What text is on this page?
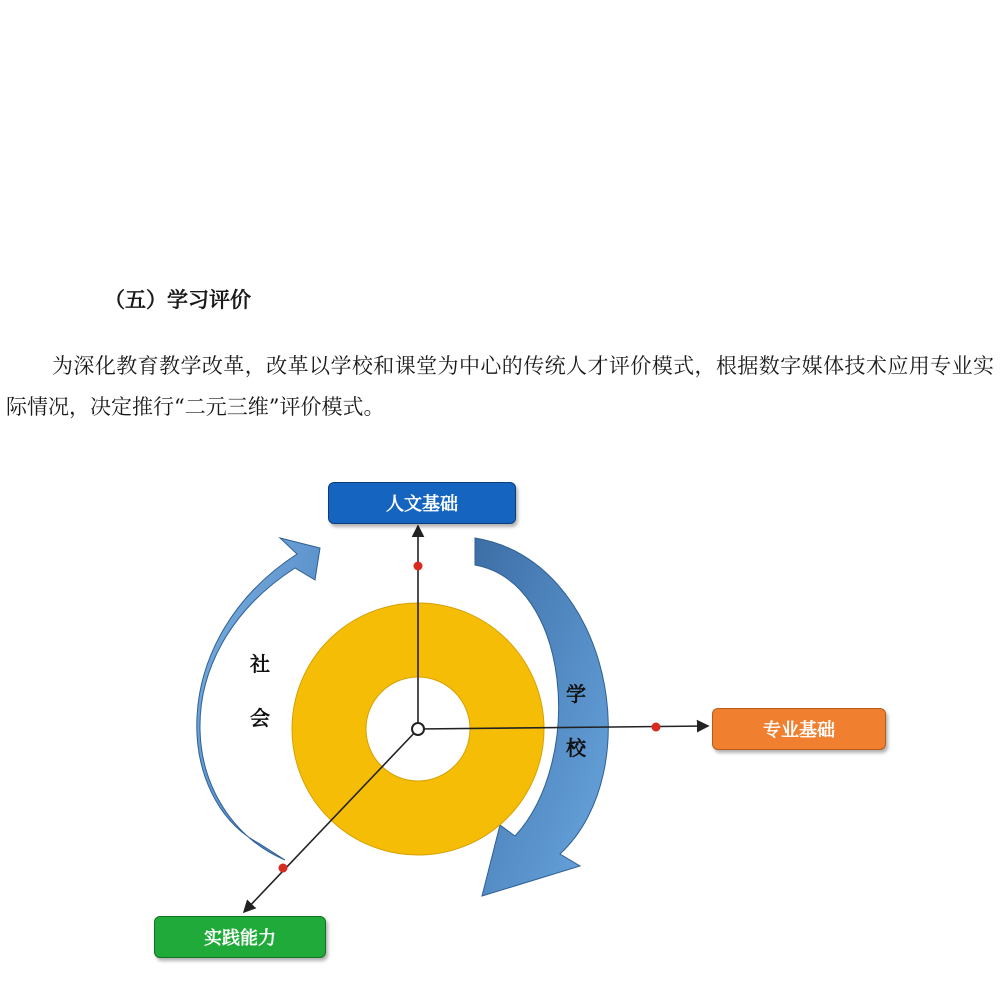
（五）学习评价
为深化教育教学改革，改革以学校和课堂为中心的传统人才评价模式，根据数字媒体技术应用专业实际情况，决定推行“二元三维”评价模式。
人文基础
专业基础
实践能力
社
会
学
校
